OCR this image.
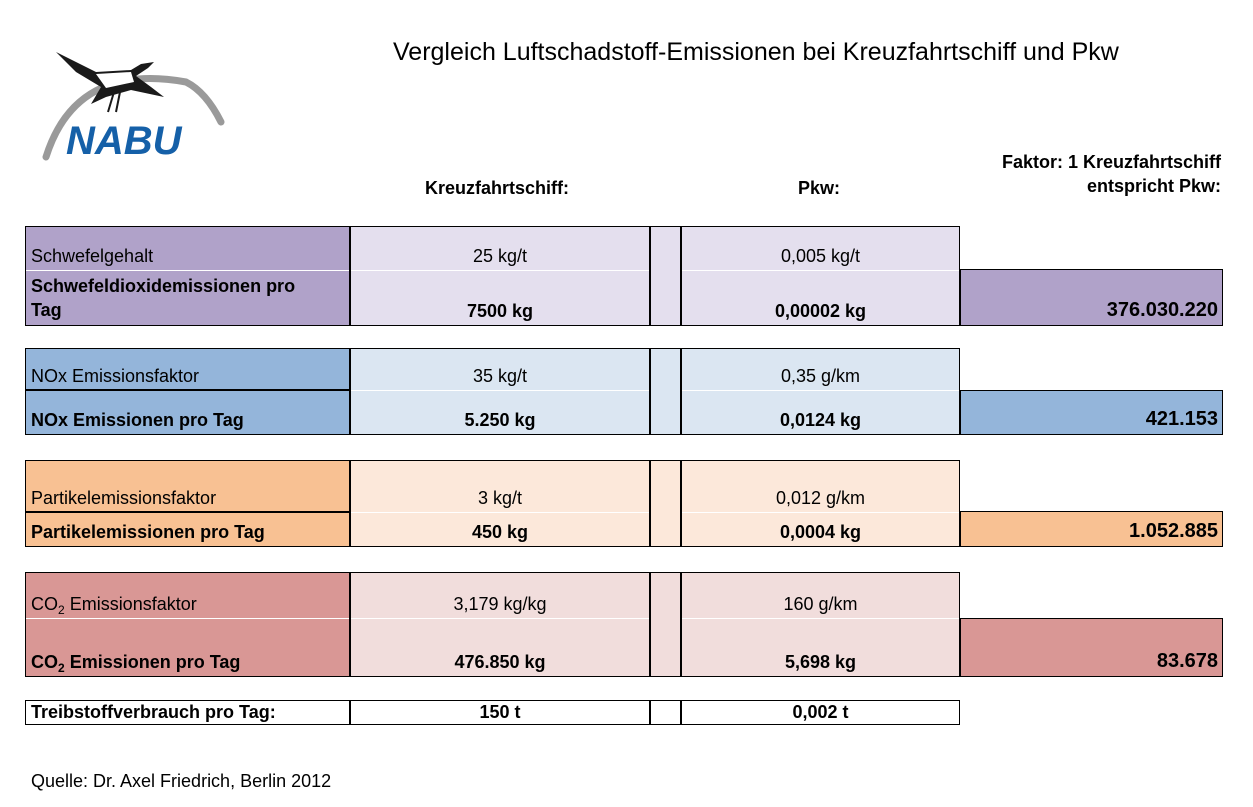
NABU
Vergleich Luftschadstoff-Emissionen bei Kreuzfahrtschiff und Pkw
Kreuzfahrtschiff:	Pkw:
Faktor: 1 Kreuzfahrtschiff
entspricht Pkw:
Schwefelgehalt	25 kg/t	0,005 kg/t
Schwefeldioxidemissionen pro
Tag	7500 kg	0,00002 kg	376.030.220
NOx Emissionsfaktor	35 kg/t	0,35 g/km
NOx Emissionen pro Tag	5.250 kg	0,0124 kg	421.153
Partikelemissionsfaktor	3 kg/t	0,012 g/km
Partikelemissionen pro Tag	450 kg	0,0004 kg	1.052.885
$CO_2$ Emissionsfaktor	3,179 kg/kg	160 g/km
$CO_2$ Emissionen pro Tag	476.850 kg	5,698 kg	83.678
Treibstoffverbrauch pro Tag:	150 t	0,002 t
Quelle: Dr. Axel Friedrich, Berlin 2012
